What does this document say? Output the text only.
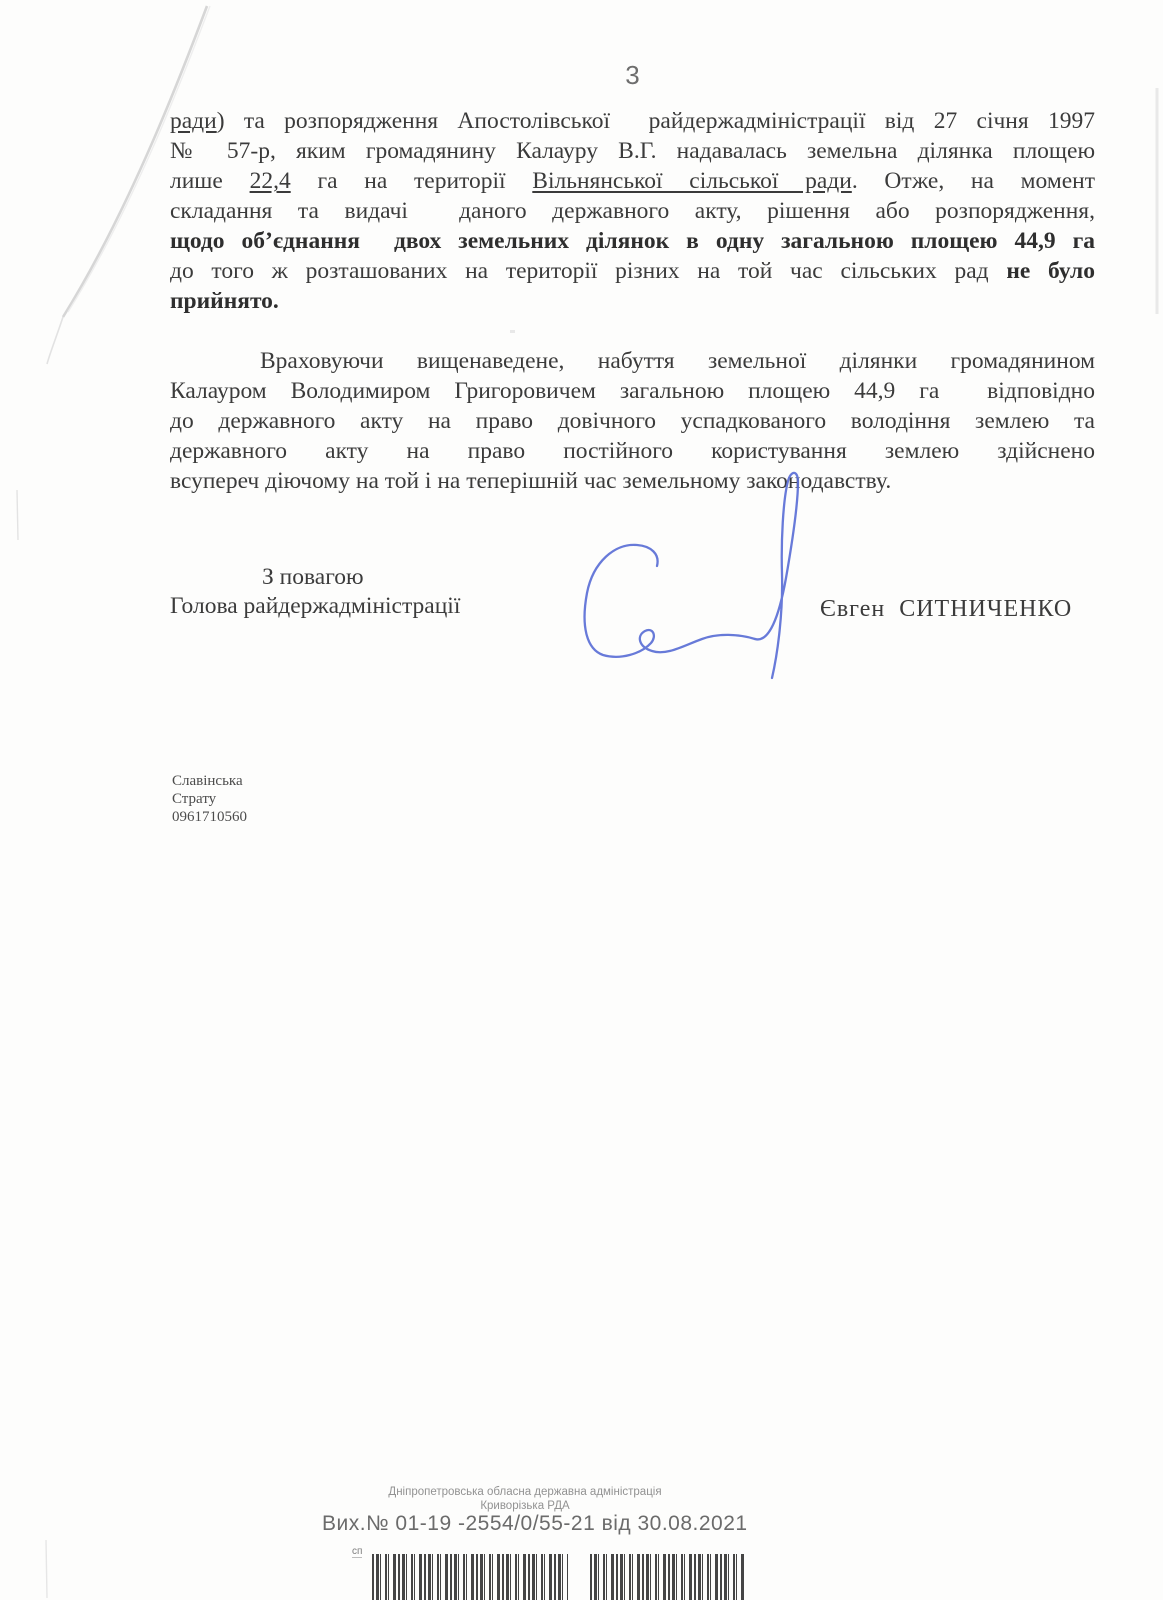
3
ради) та розпорядження Апостолівської  райдержадміністрації від 27 січня 1997
№ 57-р, яким громадянину Калауру В.Г. надавалась земельна ділянка площею
лише 22,4 га на території Вільнянської сільської ради. Отже, на момент
складання та видачі  даного державного акту, рішення або розпорядження,
щодо об’єднання  двох земельних ділянок в одну загальною площею 44,9 га
до того ж розташованих на території різних на той час сільських рад не було
прийнято.
Враховуючи вищенаведене, набуття земельної ділянки громадянином
Калауром Володимиром Григоровичем загальною площею 44,9 га  відповідно
до державного акту на право довічного успадкованого володіння землею та
державного акту на право постійного користування землею здійснено
всупереч діючому на той і на теперішній час земельному законодавству.
З повагою
Голова райдержадміністрації	Євген  СИТНИЧЕНКО
Славінська
Страту
0961710560
Дніпропетровська обласна державна адміністрація
Криворізька РДА
Вих.№ 01-19 -2554/0/55-21 від 30.08.2021
сп
